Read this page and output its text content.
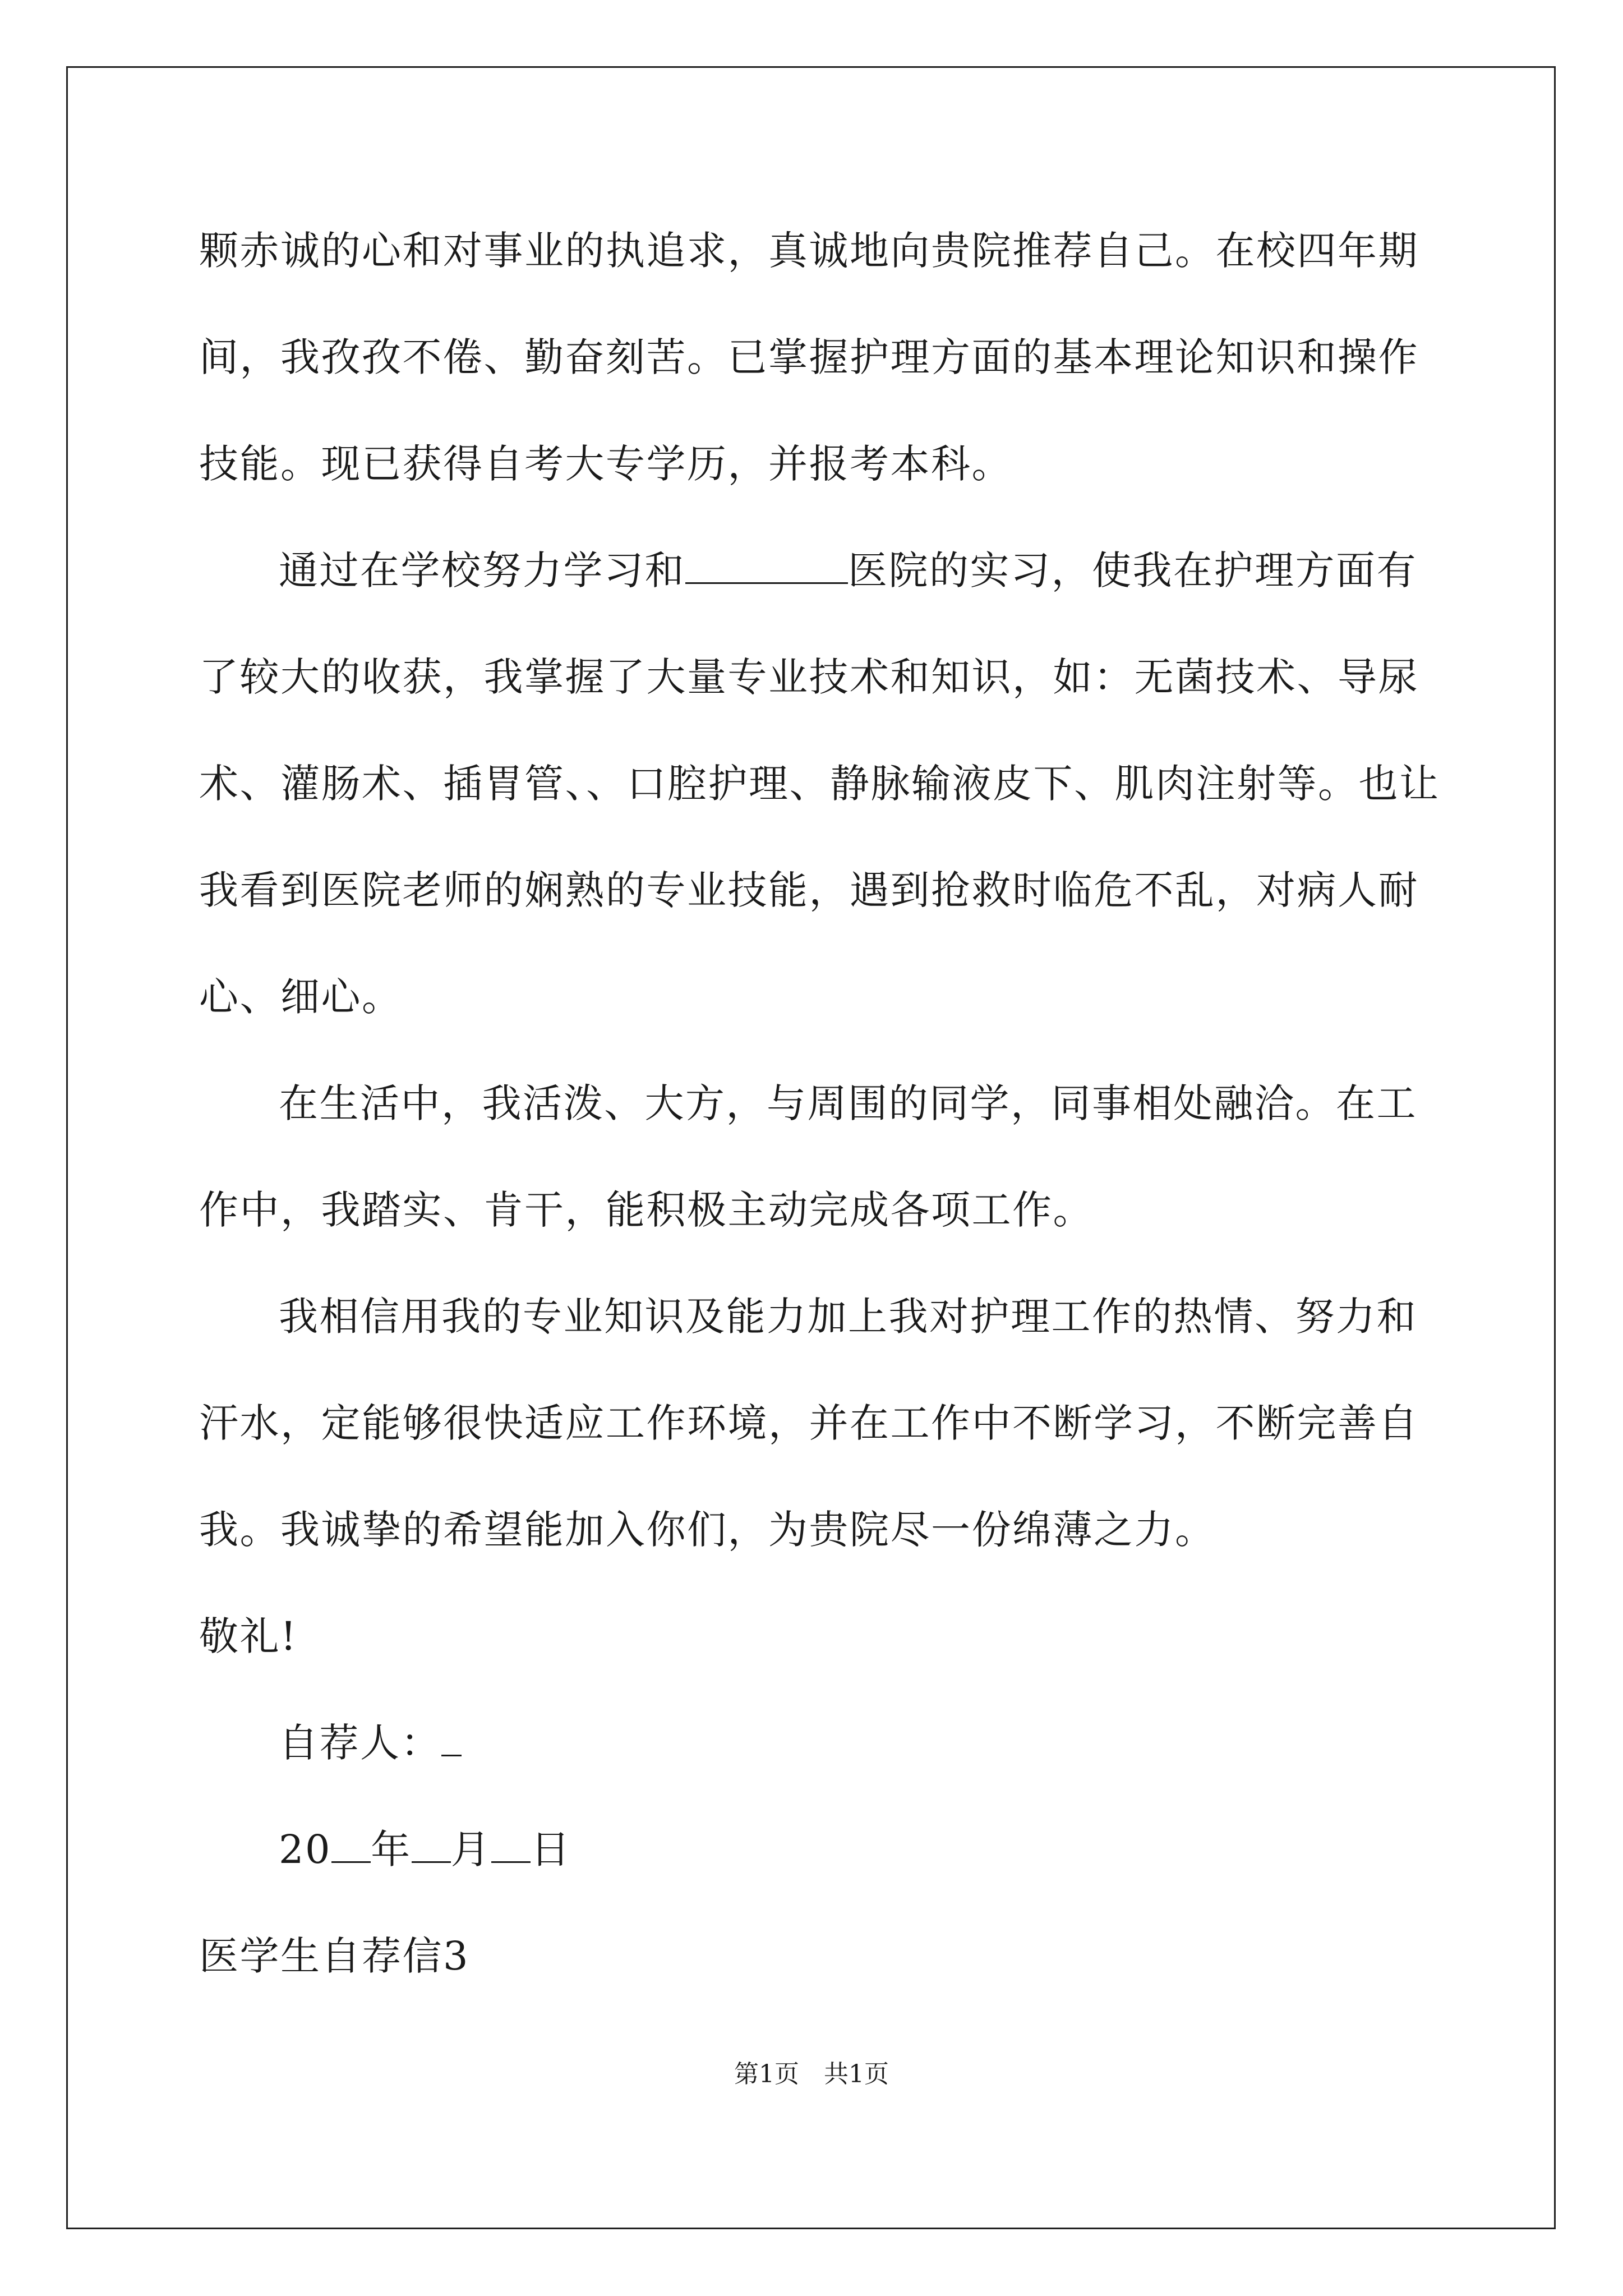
颗赤诚的心和对事业的执追求，真诚地向贵院推荐自己。在校四年期
间，我孜孜不倦、勤奋刻苦。已掌握护理方面的基本理论知识和操作
技能。现已获得自考大专学历，并报考本科。
通过在学校努力学习和	医院的实习，使我在护理方面有
了较大的收获，我掌握了大量专业技术和知识，如：无菌技术、导尿
术、灌肠术、插胃管、、口腔护理、静脉输液皮下、肌肉注射等。也让
我看到医院老师的娴熟的专业技能，遇到抢救时临危不乱，对病人耐
心、细心。
在生活中，我活泼、大方，与周围的同学，同事相处融洽。在工
作中，我踏实、肯干，能积极主动完成各项工作。
我相信用我的专业知识及能力加上我对护理工作的热情、努力和
汗水，定能够很快适应工作环境，并在工作中不断学习，不断完善自
我。我诚挚的希望能加入你们，为贵院尽一份绵薄之力。
敬礼!
自荐人：
20 年 月 日
医学生自荐信3
第1页　共1页
